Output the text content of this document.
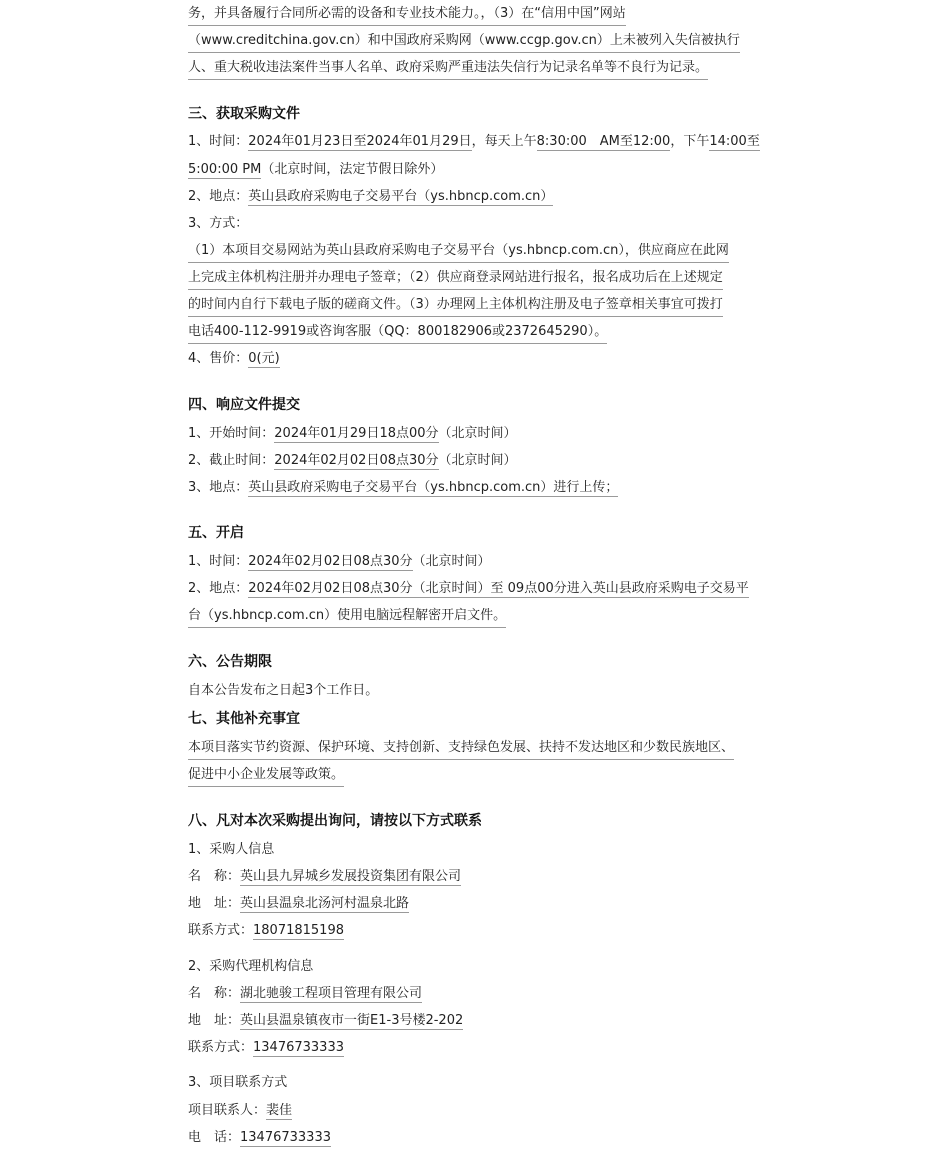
务，并具备履行合同所必需的设备和专业技术能力。，（3）在“信用中国”网站
（www.creditchina.gov.cn）和中国政府采购网（www.ccgp.gov.cn）上未被列入失信被执行
人、重大税收违法案件当事人名单、政府采购严重违法失信行为记录名单等不良行为记录。
三、获取采购文件
1、时间：2024年01月23日至2024年01月29日，每天上午8:30:00　AM至12:00，下午14:00至
5:00:00 PM（北京时间，法定节假日除外）
2、地点：英山县政府采购电子交易平台（ys.hbncp.com.cn）
3、方式：
（1）本项目交易网站为英山县政府采购电子交易平台（ys.hbncp.com.cn），供应商应在此网
上完成主体机构注册并办理电子签章；（2）供应商登录网站进行报名，报名成功后在上述规定
的时间内自行下载电子版的磋商文件。（3）办理网上主体机构注册及电子签章相关事宜可拨打
电话400-112-9919或咨询客服（QQ：800182906或2372645290）。
4、售价：0(元)
四、响应文件提交
1、开始时间：2024年01月29日18点00分（北京时间）
2、截止时间：2024年02月02日08点30分（北京时间）
3、地点：英山县政府采购电子交易平台（ys.hbncp.com.cn）进行上传；
五、开启
1、时间：2024年02月02日08点30分（北京时间）
2、地点：2024年02月02日08点30分（北京时间）至 09点00分进入英山县政府采购电子交易平
台（ys.hbncp.com.cn）使用电脑远程解密开启文件。
六、公告期限
自本公告发布之日起3个工作日。
七、其他补充事宜
本项目落实节约资源、保护环境、支持创新、支持绿色发展、扶持不发达地区和少数民族地区、
促进中小企业发展等政策。
八、凡对本次采购提出询问，请按以下方式联系
1、采购人信息
名　称：英山县九昇城乡发展投资集团有限公司
地　址：英山县温泉北汤河村温泉北路
联系方式：18071815198
2、采购代理机构信息
名　称：湖北驰骏工程项目管理有限公司
地　址：英山县温泉镇夜市一街E1-3号楼2-202
联系方式：13476733333
3、项目联系方式
项目联系人：裴佳
电　话：13476733333
